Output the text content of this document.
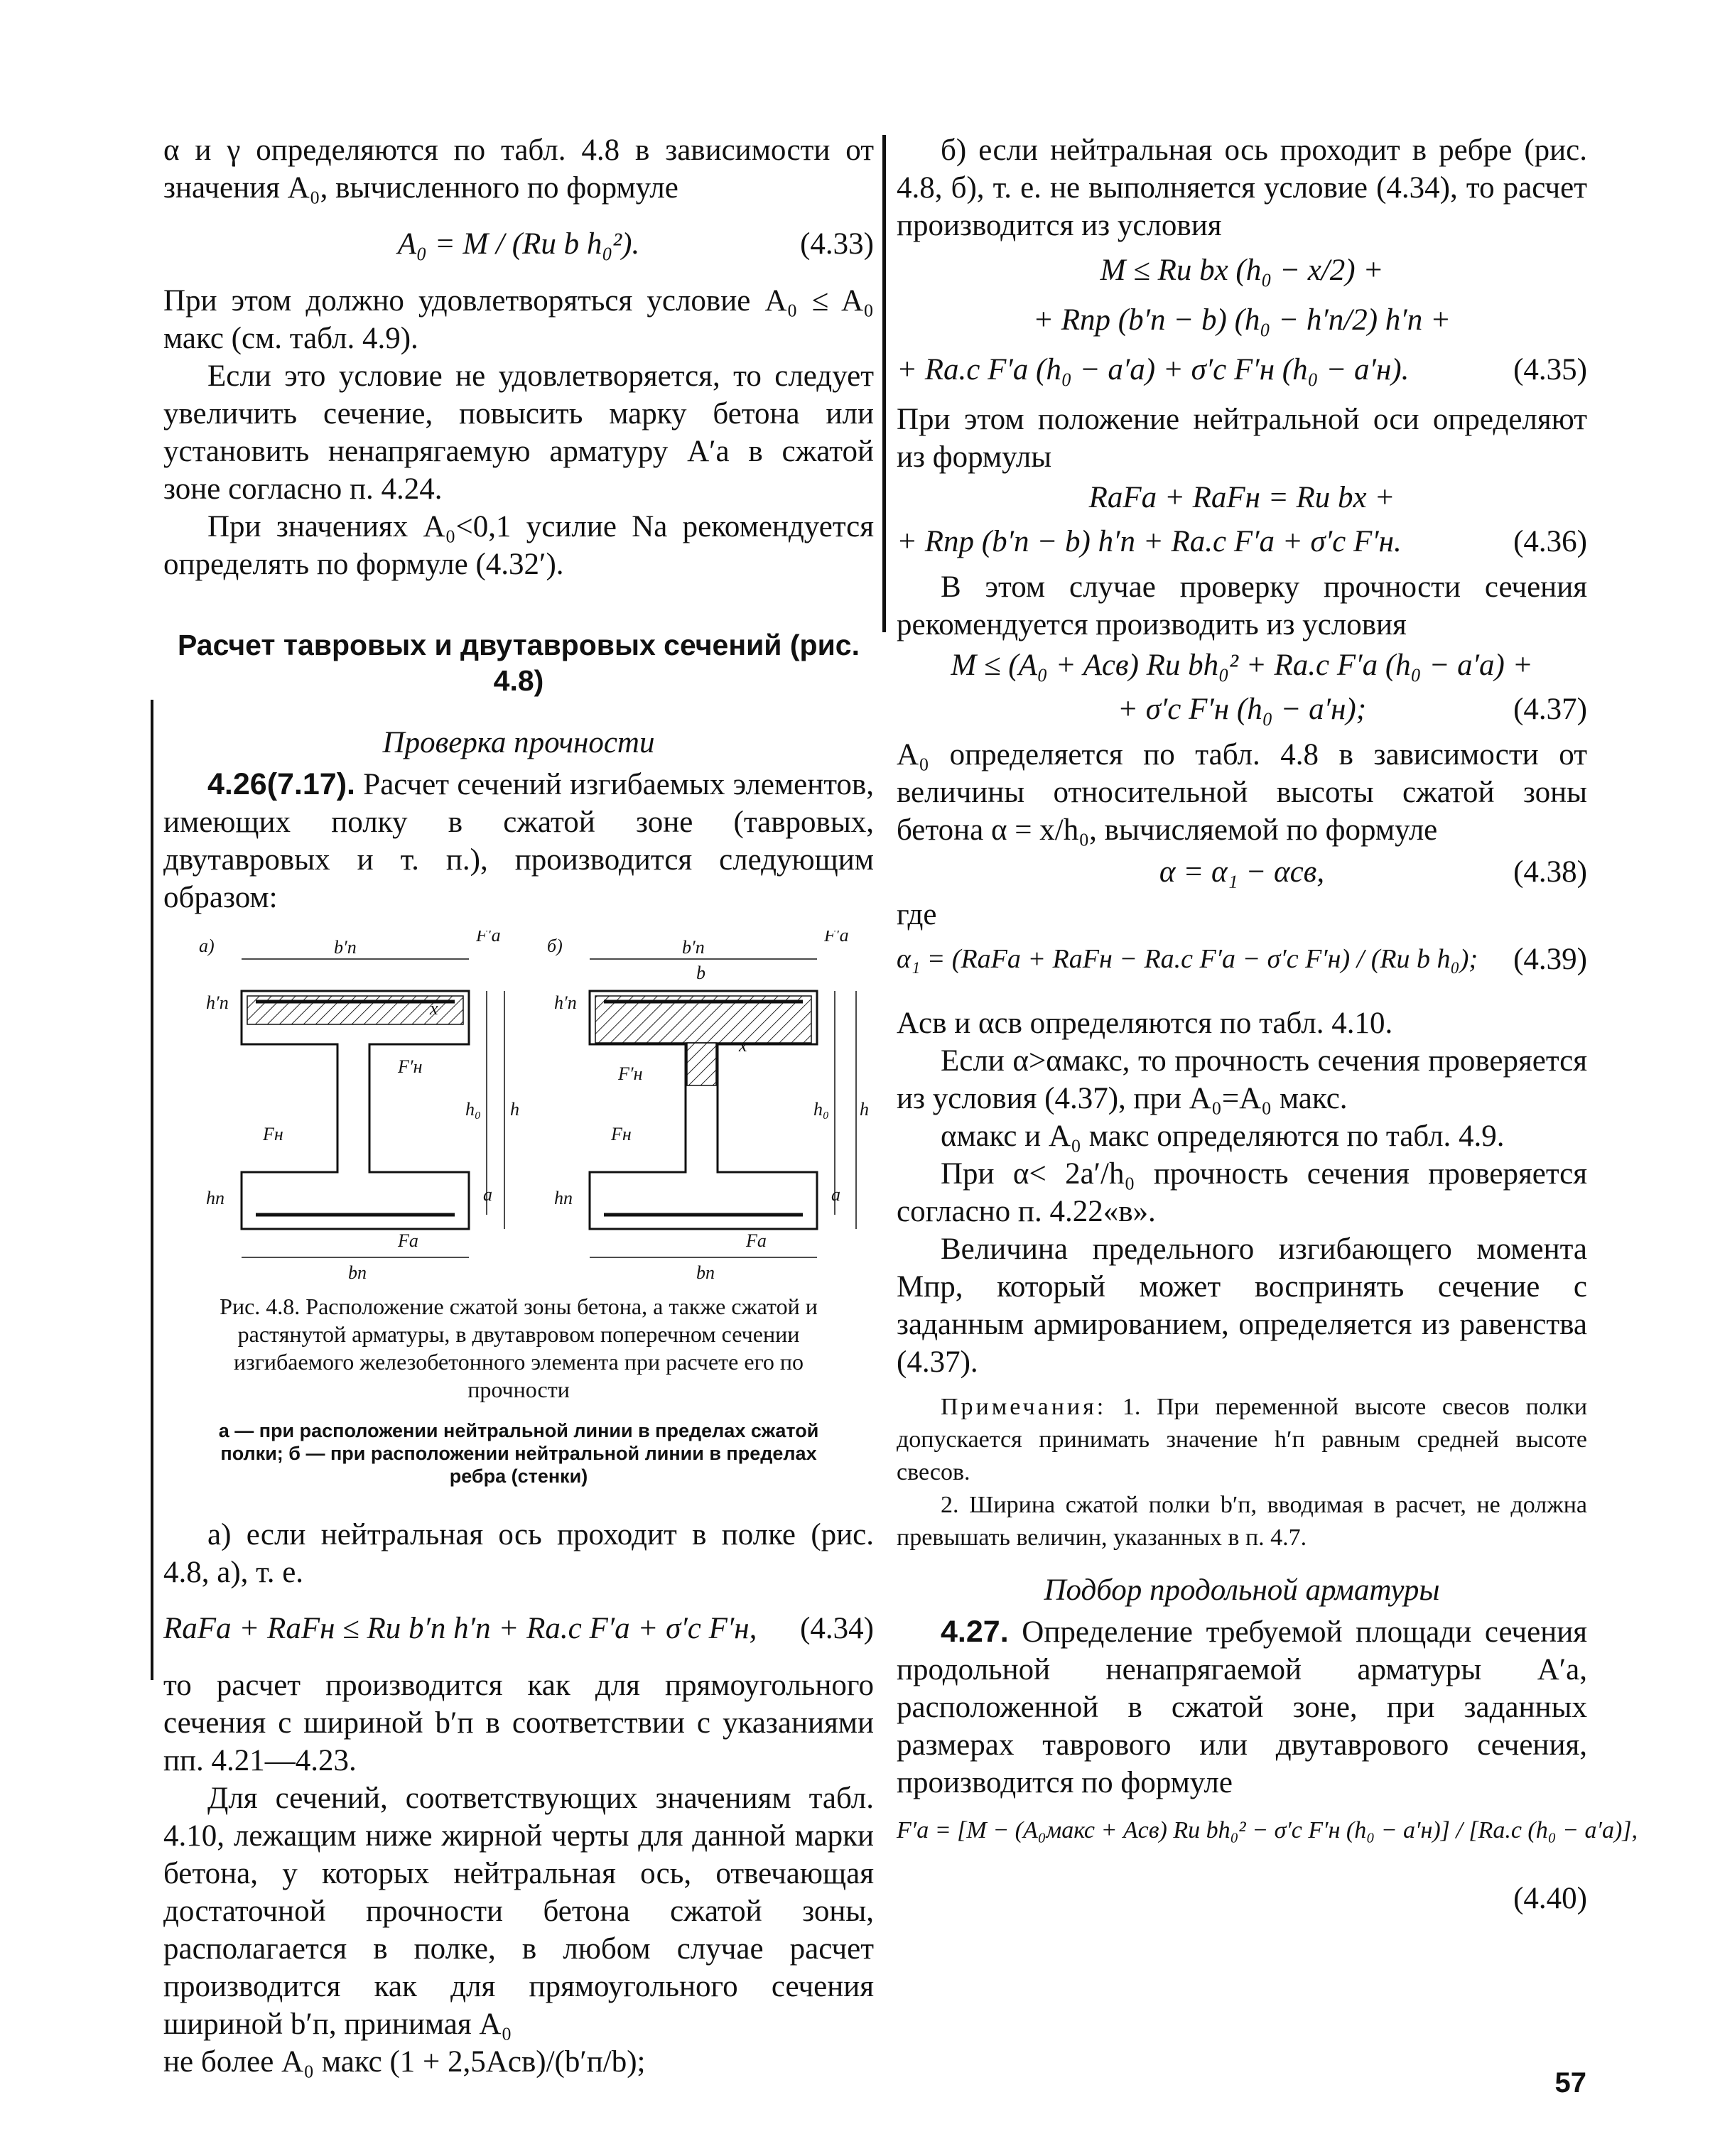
α и γ определяются по табл. 4.8 в зависимости от значения A₀, вычисленного по формуле

A₀ = M / (Rи b h₀²).	(4.33)

При этом должно удовлетворяться условие A₀ ≤ A₀ макс (см. табл. 4.9).

Если это условие не удовлетворяется, то следует увеличить сечение, повысить марку бетона или установить ненапрягаемую арматуру A′а в сжатой зоне согласно п. 4.24.

При значениях A₀<0,1 усилие Nа рекомендуется определять по формуле (4.32′).

Расчет тавровых и двутавровых сечений (рис. 4.8)
Проверка прочности

4.26(7.17). Расчет сечений изгибаемых элементов, имеющих полку в сжатой зоне (тавровых, двутавровых и т. п.), производится следующим образом:

а)	b′п
bп
h
h₀
x
F′а
F′н
Fн
Fа
h′п
hп	a
б)	b′п
b
bп
h
h₀
x
F′а
F′н
Fн
Fа
h′п
hп	a
Рис. 4.8. Расположение сжатой зоны бетона, а также сжатой и растянутой арматуры, в двутавровом поперечном сечении изгибаемого железобетонного элемента при расчете его по прочности
а — при расположении нейтральной линии в пределах сжатой полки; б — при расположении нейтральной линии в пределах ребра (стенки)

а) если нейтральная ось проходит в полке (рис. 4.8, а), т. е.

RаFа + RаFн ≤ Rи b′п h′п + Rа.с F′а + σ′с F′н,	(4.34)

то расчет производится как для прямоугольного сечения с шириной b′п в соответствии с указаниями пп. 4.21—4.23.

Для сечений, соответствующих значениям табл. 4.10, лежащим ниже жирной черты для данной марки бетона, у которых нейтральная ось, отвечающая достаточной прочности бетона сжатой зоны, располагается в полке, в любом случае расчет производится как для прямоугольного сечения шириной b′п, принимая A₀

не более A₀ макс (1 + 2,5Aсв)/(b′п/b);

б) если нейтральная ось проходит в ребре (рис. 4.8, б), т. е. не выполняется условие (4.34), то расчет производится из условия

M ≤ Rи bx (h₀ − x/2) +
+ Rпр (b′п − b) (h₀ − h′п/2) h′п +
+ Rа.с F′а (h₀ − a′а) + σ′с F′н (h₀ − a′н).	(4.35)

При этом положение нейтральной оси определяют из формулы

RаFа + RаFн = Rи bx +
+ Rпр (b′п − b) h′п + Rа.с F′а + σ′с F′н.	(4.36)

В этом случае проверку прочности сечения рекомендуется производить из условия

M ≤ (A₀ + Aсв) Rи bh₀² + Rа.с F′а (h₀ − a′а) +
+ σ′с F′н (h₀ − a′н);	(4.37)

A₀ определяется по табл. 4.8 в зависимости от величины относительной высоты сжатой зоны бетона α = x/h₀, вычисляемой по формуле

α = α₁ − αсв,	(4.38)

где

α₁ = (RаFа + RаFн − Rа.с F′а − σ′с F′н) / (Rи b h₀);	(4.39)

Aсв и αсв определяются по табл. 4.10.

Если α>αмакс, то прочность сечения проверяется из условия (4.37), при A₀=A₀ макс.

αмакс и A₀ макс определяются по табл. 4.9.

При α< 2a′/h₀ прочность сечения проверяется согласно п. 4.22«в».

Величина предельного изгибающего момента Mпр, который может воспринять сечение с заданным армированием, определяется из равенства (4.37).

Примечания: 1. При переменной высоте свесов полки допускается принимать значение h′п равным средней высоте свесов.

2. Ширина сжатой полки b′п, вводимая в расчет, не должна превышать величин, указанных в п. 4.7.

Подбор продольной арматуры

4.27. Определение требуемой площади сечения продольной ненапрягаемой арматуры A′а, расположенной в сжатой зоне, при заданных размерах таврового или двутаврового сечения, производится по формуле

F′а = [M − (A₀макс + Aсв) Rи bh₀² − σ′с F′н (h₀ − a′н)] / [Rа.с (h₀ − a′а)],
(4.40)
57
